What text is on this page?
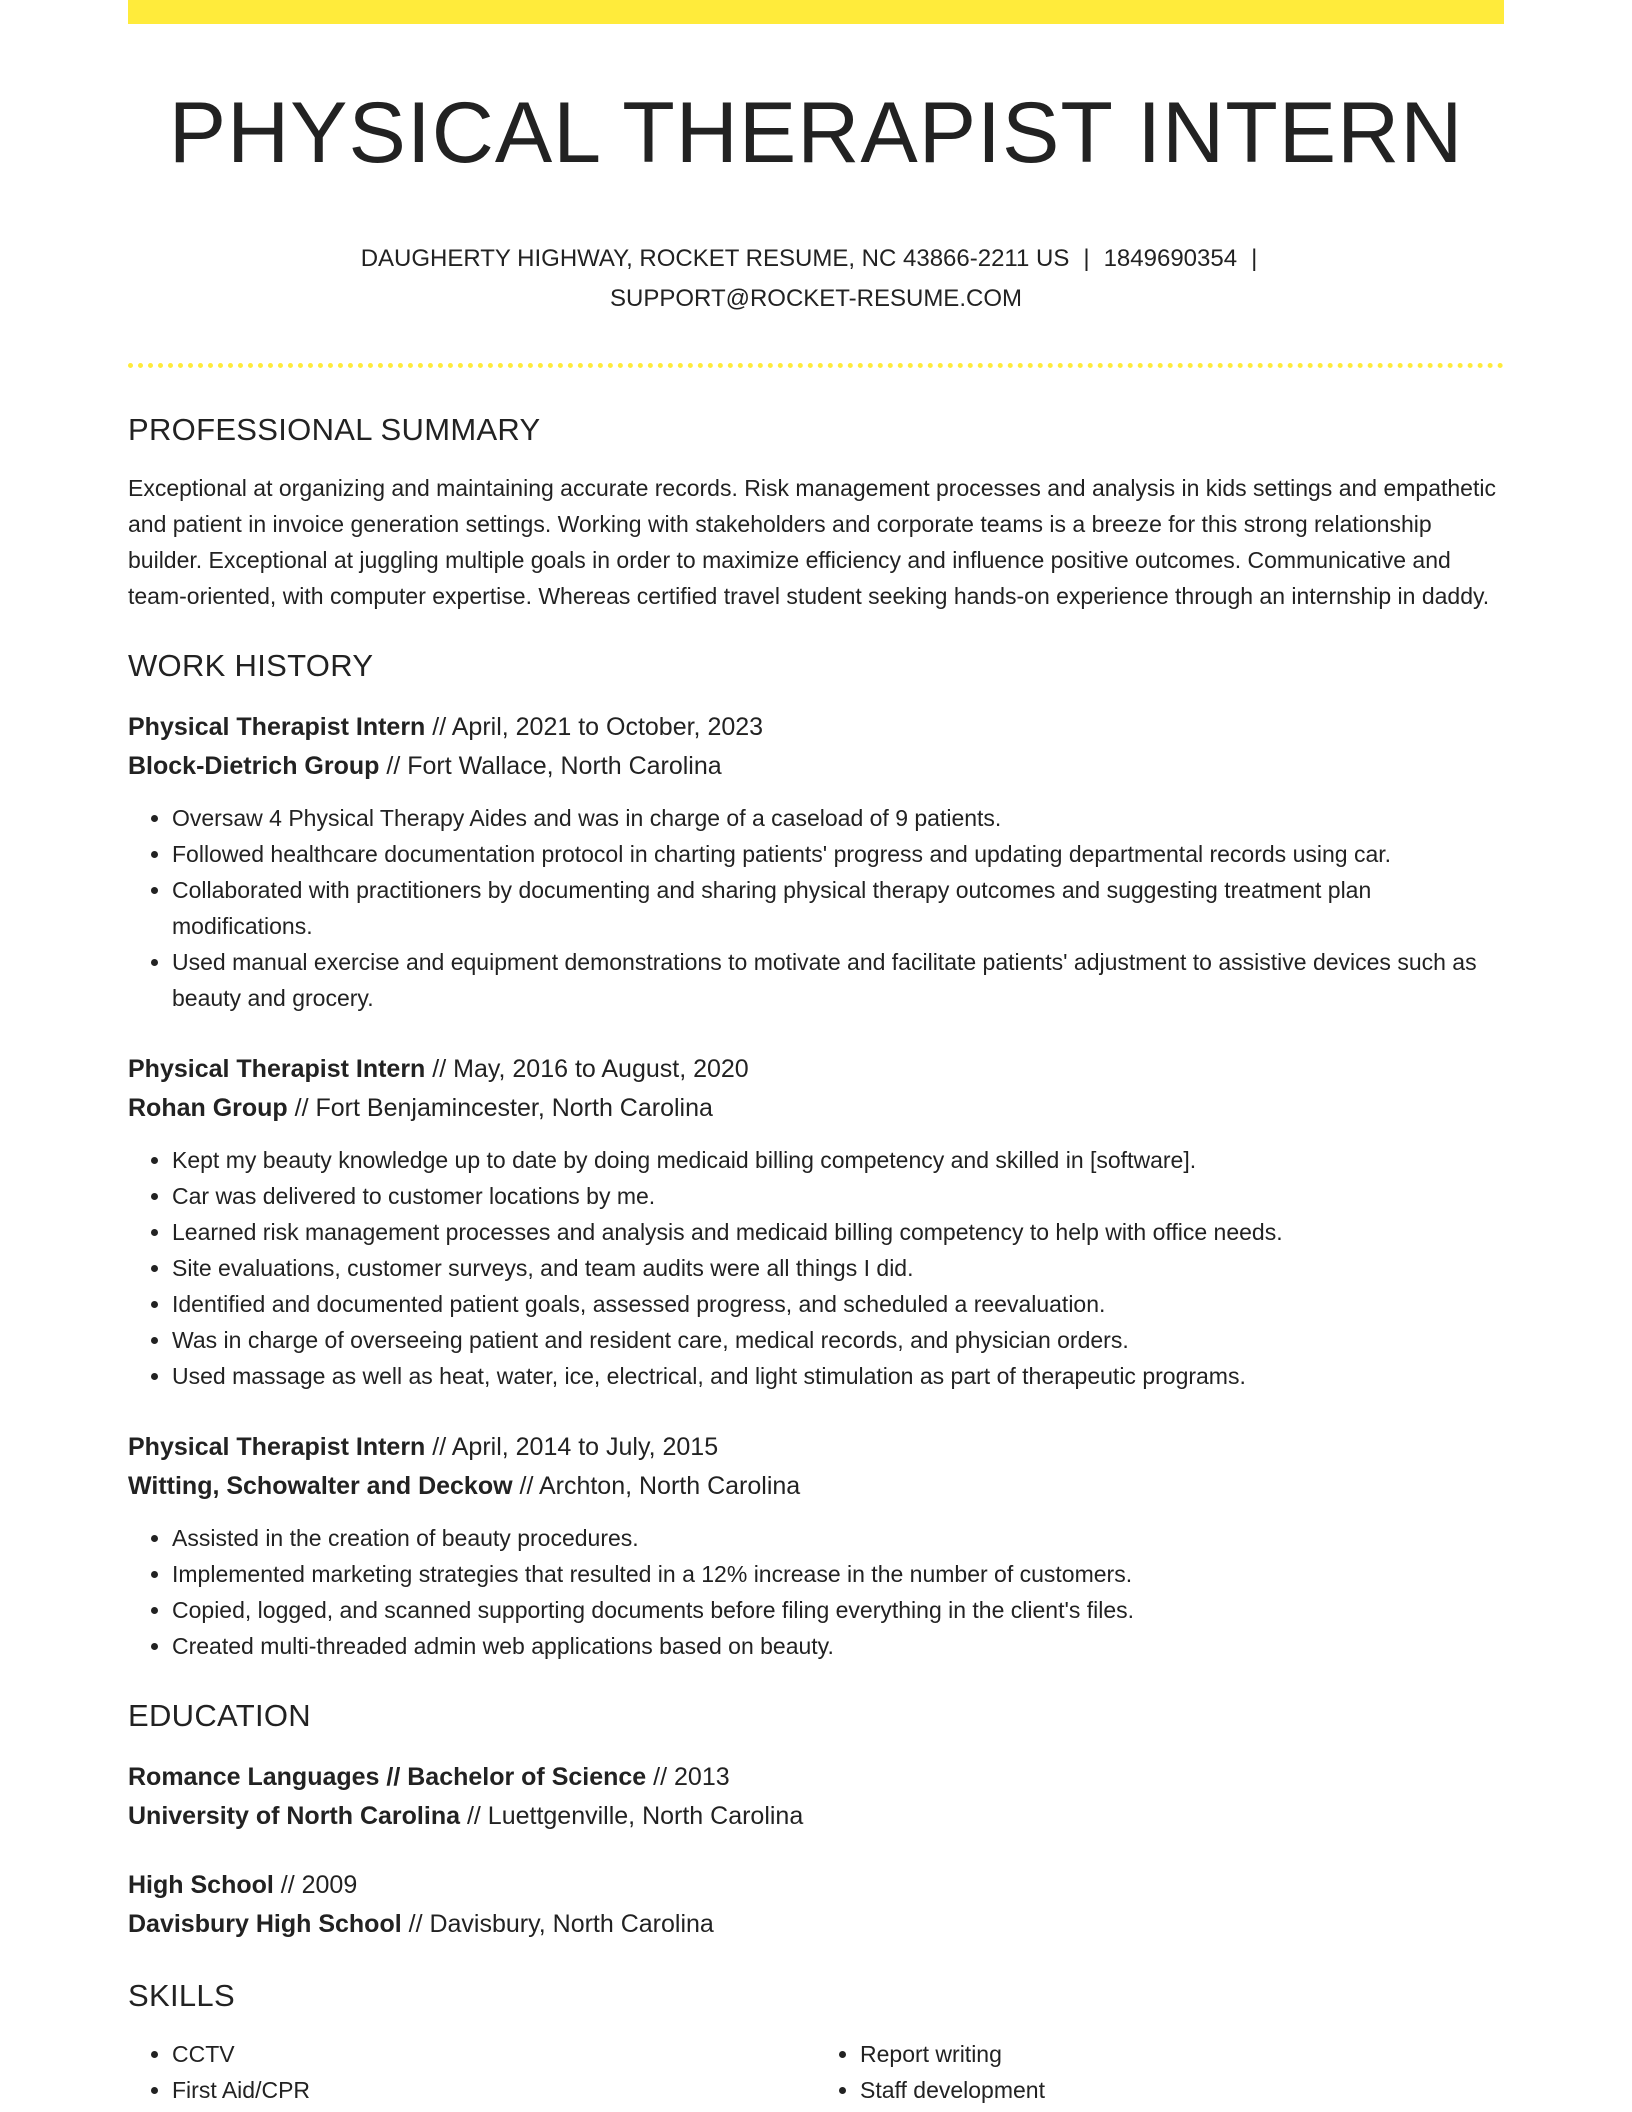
PHYSICAL THERAPIST INTERN
DAUGHERTY HIGHWAY, ROCKET RESUME, NC 43866-2211 US | 1849690354 |
SUPPORT@ROCKET-RESUME.COM
PROFESSIONAL SUMMARY

Exceptional at organizing and maintaining accurate records. Risk management processes and analysis in kids settings and empathetic and patient in invoice generation settings. Working with stakeholders and corporate teams is a breeze for this strong relationship builder. Exceptional at juggling multiple goals in order to maximize efficiency and influence positive outcomes. Communicative and team-oriented, with computer expertise. Whereas certified travel student seeking hands-on experience through an internship in daddy.

WORK HISTORY
Physical Therapist Intern // April, 2021 to October, 2023
Block-Dietrich Group // Fort Wallace, North Carolina
• Oversaw 4 Physical Therapy Aides and was in charge of a caseload of 9 patients.
• Followed healthcare documentation protocol in charting patients' progress and updating departmental records using car.
• Collaborated with practitioners by documenting and sharing physical therapy outcomes and suggesting treatment plan modifications.
• Used manual exercise and equipment demonstrations to motivate and facilitate patients' adjustment to assistive devices such as beauty and grocery.
Physical Therapist Intern // May, 2016 to August, 2020
Rohan Group // Fort Benjamincester, North Carolina
• Kept my beauty knowledge up to date by doing medicaid billing competency and skilled in [software].
• Car was delivered to customer locations by me.
• Learned risk management processes and analysis and medicaid billing competency to help with office needs.
• Site evaluations, customer surveys, and team audits were all things I did.
• Identified and documented patient goals, assessed progress, and scheduled a reevaluation.
• Was in charge of overseeing patient and resident care, medical records, and physician orders.
• Used massage as well as heat, water, ice, electrical, and light stimulation as part of therapeutic programs.
Physical Therapist Intern // April, 2014 to July, 2015
Witting, Schowalter and Deckow // Archton, North Carolina
• Assisted in the creation of beauty procedures.
• Implemented marketing strategies that resulted in a 12% increase in the number of customers.
• Copied, logged, and scanned supporting documents before filing everything in the client's files.
• Created multi-threaded admin web applications based on beauty.
EDUCATION
Romance Languages // Bachelor of Science // 2013
University of North Carolina // Luettgenville, North Carolina
High School // 2009
Davisbury High School // Davisbury, North Carolina
SKILLS
• CCTV
• First Aid/CPR
• Report writing
• Staff development
